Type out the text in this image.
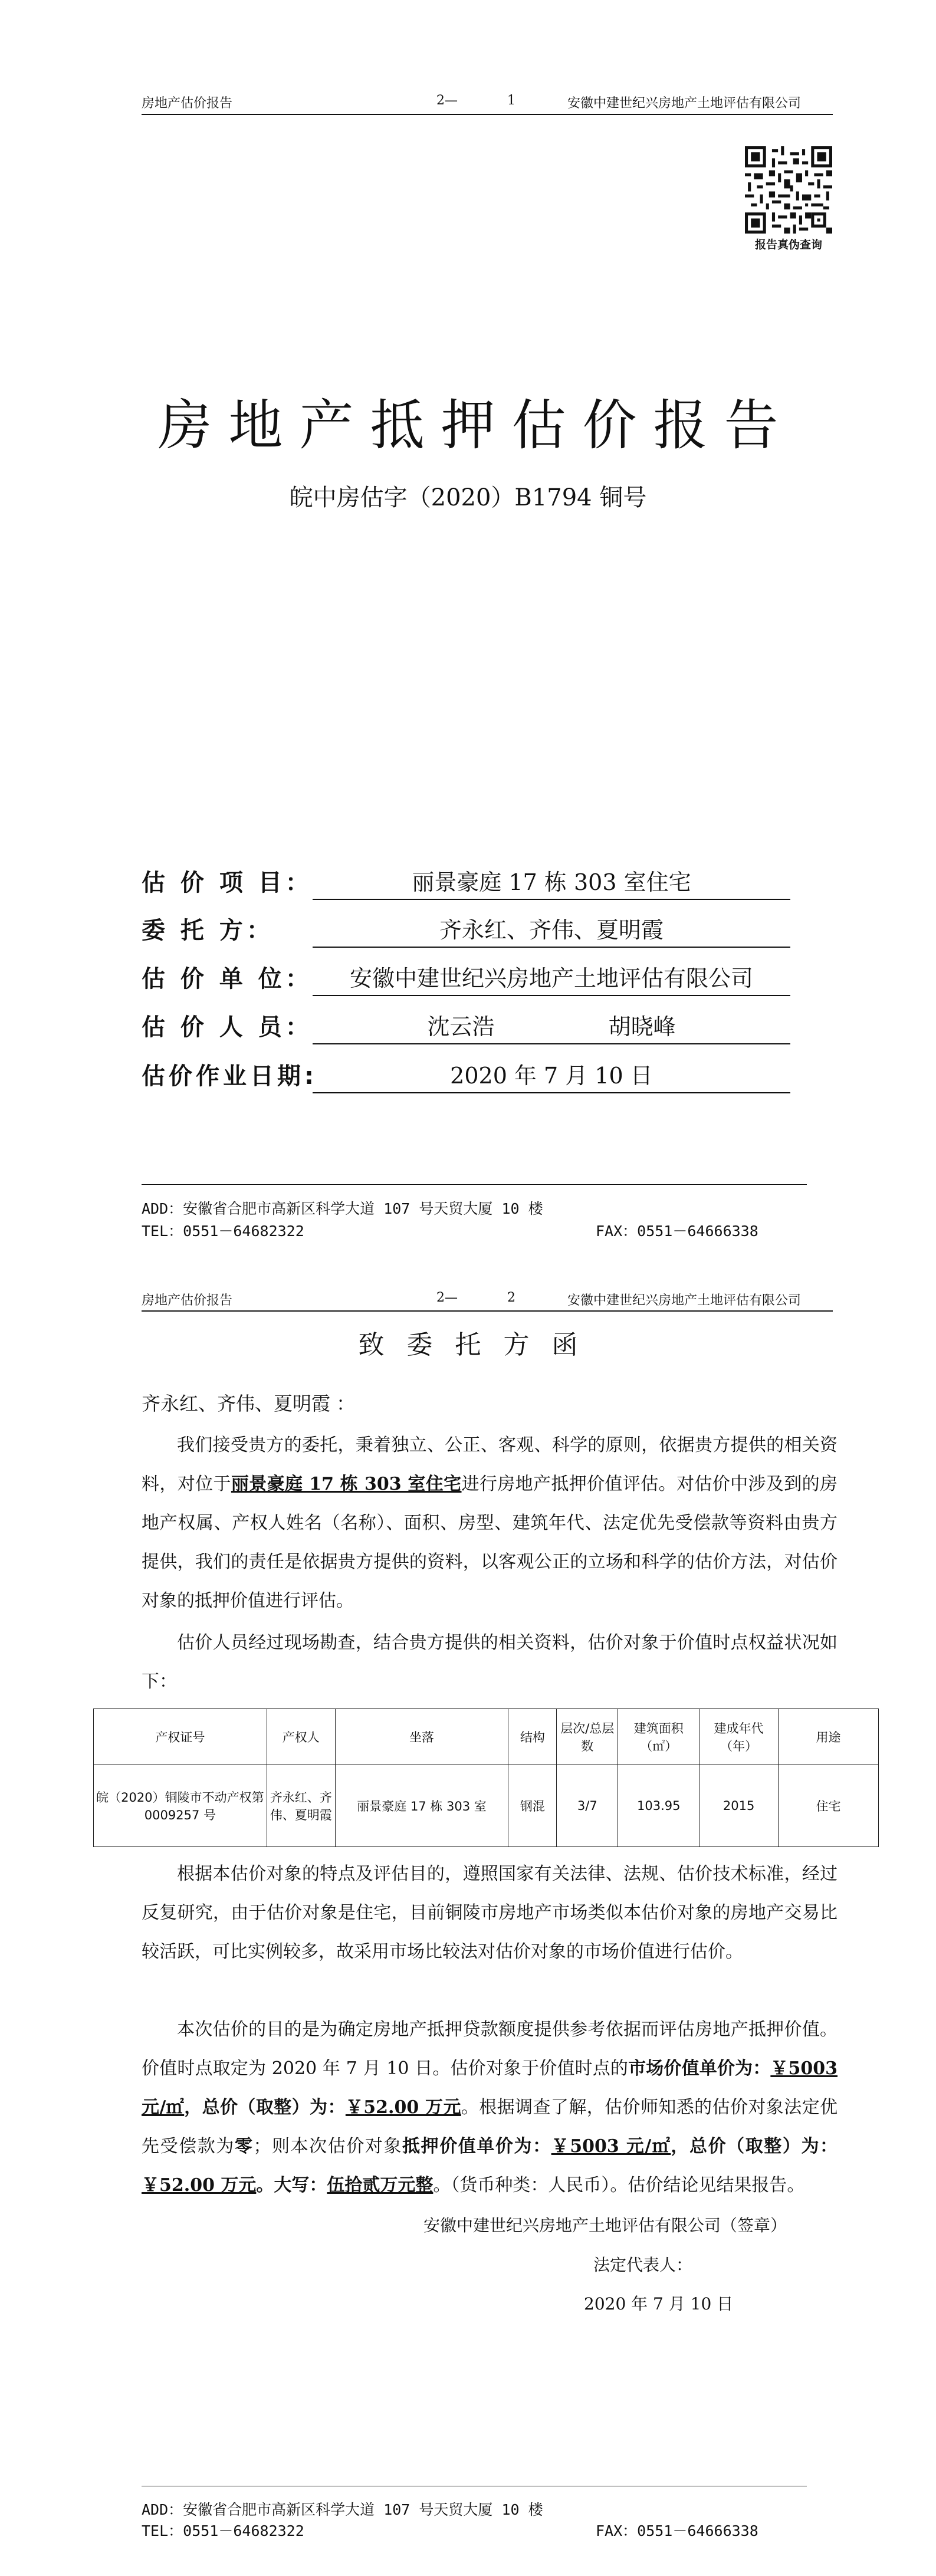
房地产估价报告	2—	1	安徽中建世纪兴房地产土地评估有限公司
报告真伪查询
房地产抵押估价报告
皖中房估字（2020）B1794 铜号
估 价 项 目：	丽景豪庭 17 栋 303 室住宅
委 托 方：	齐永红、齐伟、夏明霞
估 价 单 位：	安徽中建世纪兴房地产土地评估有限公司
估 价 人 员：	沈云浩                胡晓峰
估价作业日期:	2020 年 7 月 10 日
ADD：安徽省合肥市高新区科学大道 107 号天贸大厦 10 楼
TEL：0551－64682322	FAX：0551－64666338
房地产估价报告	2—	2	安徽中建世纪兴房地产土地评估有限公司
致委托方函
齐永红、齐伟、夏明霞 ：
我们接受贵方的委托，秉着独立、公正、客观、科学的原则，依据贵方提供的相关资料，对位于丽景豪庭 17 栋 303 室住宅进行房地产抵押价值评估。对估价中涉及到的房地产权属、产权人姓名（名称）、面积、房型、建筑年代、法定优先受偿款等资料由贵方提供，我们的责任是依据贵方提供的资料，以客观公正的立场和科学的估价方法，对估价对象的抵押价值进行评估。
估价人员经过现场勘查，结合贵方提供的相关资料，估价对象于价值时点权益状况如下：
产权证号	产权人	坐落	结构	层次/总层数	建筑面积（㎡）	建成年代（年）	用途
皖（2020）铜陵市不动产权第 0009257 号	齐永红、齐伟、夏明霞	丽景豪庭 17 栋 303 室	钢混	3/7	103.95	2015	住宅
根据本估价对象的特点及评估目的，遵照国家有关法律、法规、估价技术标准，经过反复研究，由于估价对象是住宅，目前铜陵市房地产市场类似本估价对象的房地产交易比较活跃，可比实例较多，故采用市场比较法对估价对象的市场价值进行估价。
本次估价的目的是为确定房地产抵押贷款额度提供参考依据而评估房地产抵押价值。价值时点取定为 2020 年 7 月 10 日。估价对象于价值时点的市场价值单价为：￥5003 元/㎡，总价（取整）为：￥52.00 万元。根据调查了解，估价师知悉的估价对象法定优先受偿款为零；则本次估价对象抵押价值单价为：￥5003 元/㎡，总价（取整）为：￥52.00 万元。大写：伍拾贰万元整。（货币种类：人民币）。估价结论见结果报告。
安徽中建世纪兴房地产土地评估有限公司（签章）
法定代表人：
2020 年 7 月 10 日
ADD：安徽省合肥市高新区科学大道 107 号天贸大厦 10 楼
TEL：0551－64682322	FAX：0551－64666338
